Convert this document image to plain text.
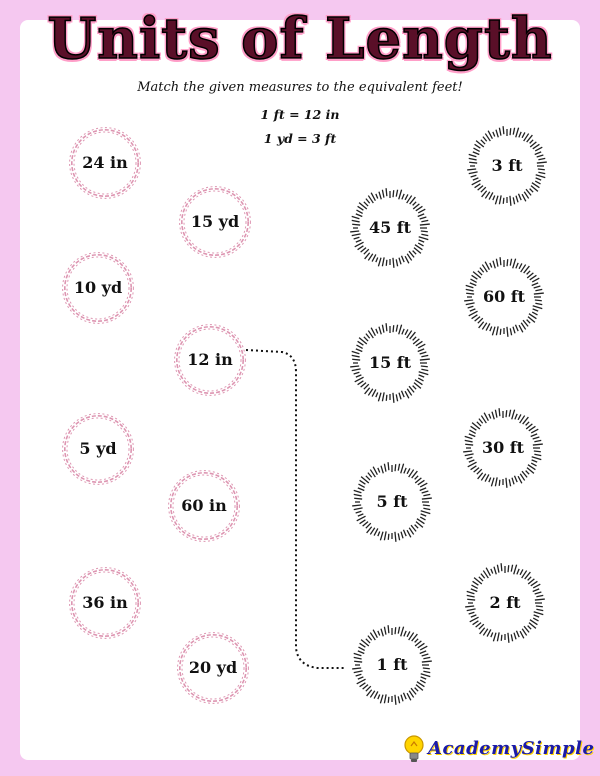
Units of Length
Match the given measures to the equivalent feet!
1 ft = 12 in
1 yd = 3 ft
24 in
15 yd
10 yd
12 in
5 yd
60 in
36 in
20 yd
3 ft
45 ft
60 ft
15 ft
30 ft
5 ft
2 ft
1 ft
AcademySimple
